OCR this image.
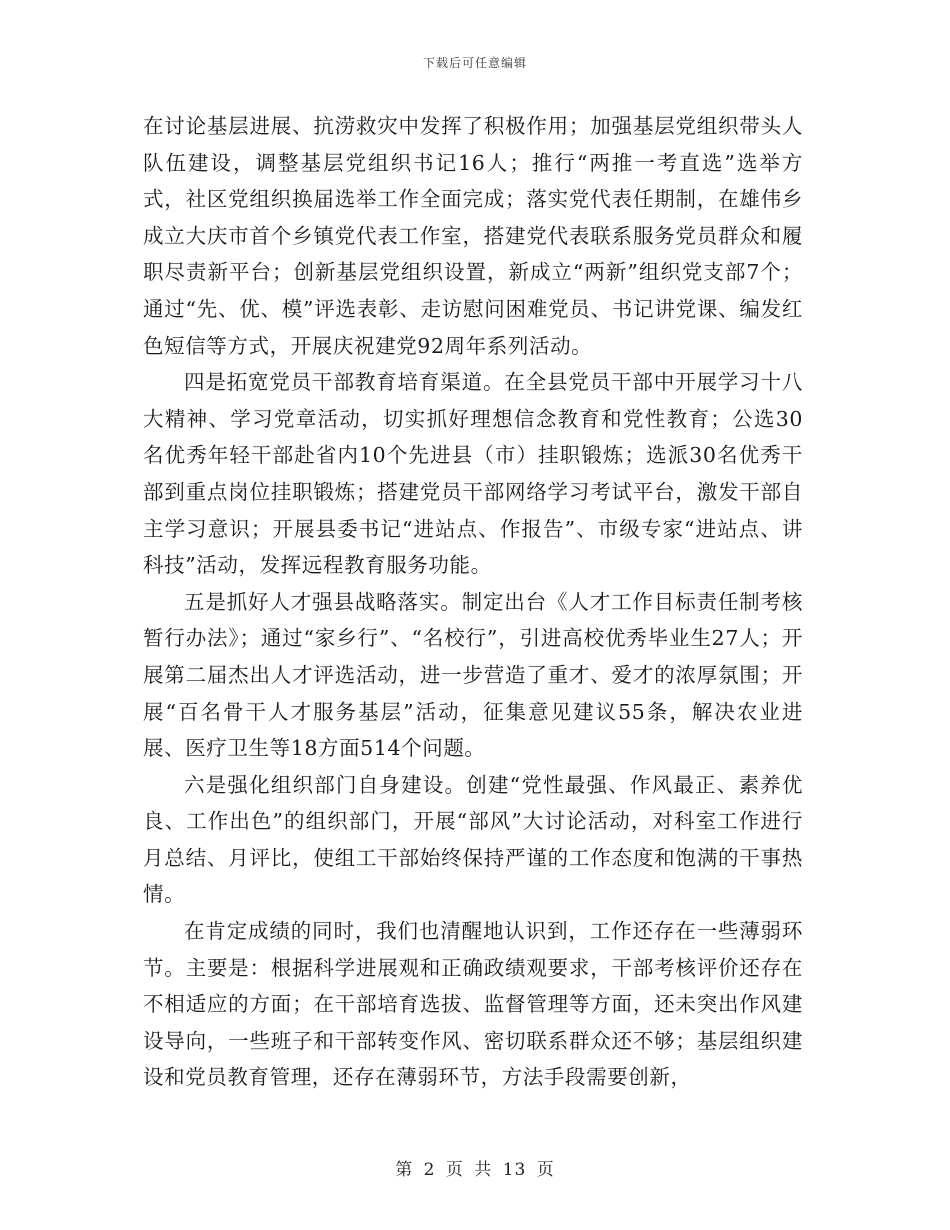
下载后可任意编辑

在讨论基层进展、抗涝救灾中发挥了积极作用；加强基层党组织带头人队伍建设，调整基层党组织书记16人；推行“两推一考直选”选举方式，社区党组织换届选举工作全面完成；落实党代表任期制，在雄伟乡成立大庆市首个乡镇党代表工作室，搭建党代表联系服务党员群众和履职尽责新平台；创新基层党组织设置，新成立“两新”组织党支部7个；通过“先、优、模”评选表彰、走访慰问困难党员、书记讲党课、编发红色短信等方式，开展庆祝建党92周年系列活动。

四是拓宽党员干部教育培育渠道。在全县党员干部中开展学习十八大精神、学习党章活动，切实抓好理想信念教育和党性教育；公选30名优秀年轻干部赴省内10个先进县（市）挂职锻炼；选派30名优秀干部到重点岗位挂职锻炼；搭建党员干部网络学习考试平台，激发干部自主学习意识；开展县委书记“进站点、作报告”、市级专家“进站点、讲科技”活动，发挥远程教育服务功能。

五是抓好人才强县战略落实。制定出台《人才工作目标责任制考核暂行办法》；通过“家乡行”、“名校行”，引进高校优秀毕业生27人；开展第二届杰出人才评选活动，进一步营造了重才、爱才的浓厚氛围；开展“百名骨干人才服务基层”活动，征集意见建议55条，解决农业进展、医疗卫生等18方面514个问题。

六是强化组织部门自身建设。创建“党性最强、作风最正、素养优良、工作出色”的组织部门，开展“部风”大讨论活动，对科室工作进行月总结、月评比，使组工干部始终保持严谨的工作态度和饱满的干事热情。

在肯定成绩的同时，我们也清醒地认识到，工作还存在一些薄弱环节。主要是：根据科学进展观和正确政绩观要求，干部考核评价还存在不相适应的方面；在干部培育选拔、监督管理等方面，还未突出作风建设导向，一些班子和干部转变作风、密切联系群众还不够；基层组织建设和党员教育管理，还存在薄弱环节，方法手段需要创新，

第 2 页 共 13 页
